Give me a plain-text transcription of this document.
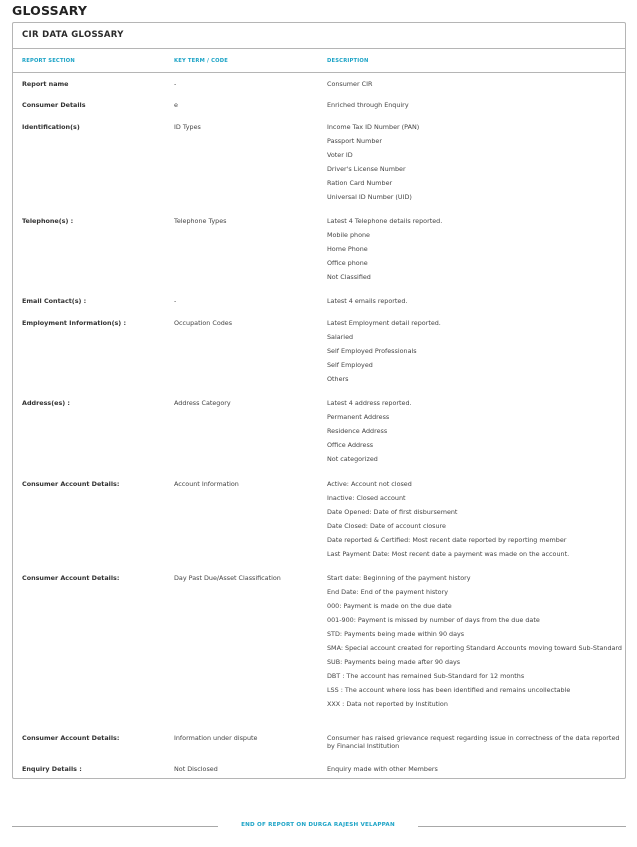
GLOSSARY
CIR DATA GLOSSARY
REPORT SECTION	KEY TERM / CODE	DESCRIPTION
Report name	-	Consumer CIR
Consumer Details	e	Enriched through Enquiry
Identification(s)	ID Types	Income Tax ID Number (PAN)
Passport Number
Voter ID
Driver's License Number
Ration Card Number
Universal ID Number (UID)
Telephone(s) :	Telephone Types	Latest 4 Telephone details reported.
Mobile phone
Home Phone
Office phone
Not Classified
Email Contact(s) :	-	Latest 4 emails reported.
Employment Information(s) :	Occupation Codes	Latest Employment detail reported.
Salaried
Self Employed Professionals
Self Employed
Others
Address(es) :	Address Category	Latest 4 address reported.
Permanent Address
Residence Address
Office Address
Not categorized
Consumer Account Details:	Account Information	Active: Account not closed
Inactive: Closed account
Date Opened: Date of first disbursement
Date Closed: Date of account closure
Date reported & Certified: Most recent date reported by reporting member
Last Payment Date: Most recent date a payment was made on the account.
Consumer Account Details:	Day Past Due/Asset Classification	Start date: Beginning of the payment history
End Date: End of the payment history
000: Payment is made on the due date
001-900: Payment is missed by number of days from the due date
STD: Payments being made within 90 days
SMA: Special account created for reporting Standard Accounts moving toward Sub-Standard
SUB: Payments being made after 90 days
DBT : The account has remained Sub-Standard for 12 months
LSS : The account where loss has been identified and remains uncollectable
XXX : Data not reported by Institution
Consumer Account Details:	Information under dispute	Consumer has raised grievance request regarding issue in correctness of the data reported by Financial Institution
Enquiry Details :	Not Disclosed	Enquiry made with other Members
END OF REPORT ON DURGA RAJESH VELAPPAN
